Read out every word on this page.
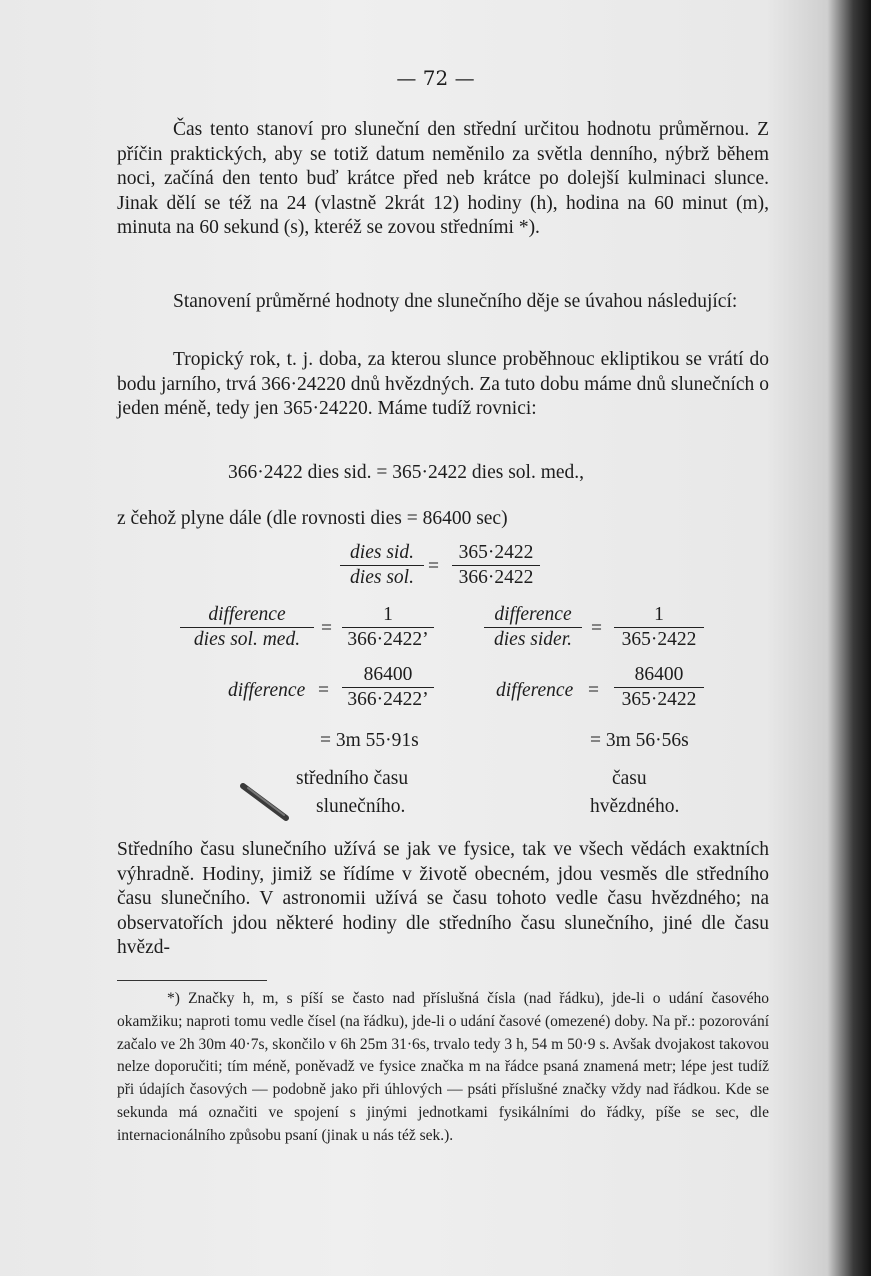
— 72 —

Čas tento stanoví pro sluneční den střední určitou hodnotu průměrnou. Z příčin praktických, aby se totiž datum neměnilo za světla denního, nýbrž během noci, začíná den tento buď krátce před neb krátce po dolejší kulminaci slunce. Jinak dělí se též na 24 (vlastně 2krát 12) hodiny (h), hodina na 60 minut (m), minuta na 60 sekund (s), kteréž se zovou středními *).

Stanovení průměrné hodnoty dne slunečního děje se úvahou následující:

Tropický rok, t. j. doba, za kterou slunce proběhnouc ekliptikou se vrátí do bodu jarního, trvá 366·24220 dnů hvězdných. Za tuto dobu máme dnů slunečních o jeden méně, tedy jen 365·24220. Máme tudíž rovnici:

366·2422 dies sid. = 365·2422 dies sol. med.,
z čehož plyne dále (dle rovnosti dies = 86400 sec)
dies sid.
dies sol.
= $\frac{365\cdot 2422}{366\cdot 2422}$
difference
dies sol. med.
= $\frac{1}{366\cdot 2422’}$
difference = $\frac{86400}{366\cdot 2422’}$
= 3m 55·91s
středního času
slunečního.
difference
dies sider.
= $\frac{1}{365\cdot 2422}$
difference = $\frac{86400}{365\cdot 2422}$
= 3m 56·56s
času
hvězdného.

Středního času slunečního užívá se jak ve fysice, tak ve všech vědách exaktních výhradně. Hodiny, jimiž se řídíme v životě obecném, jdou vesměs dle středního času slunečního. V astronomii užívá se času tohoto vedle času hvězdného; na observatořích jdou některé hodiny dle středního času slunečního, jiné dle času hvězd-

*) Značky h, m, s píší se často nad příslušná čísla (nad řádku), jde-li o udání časového okamžiku; naproti tomu vedle čísel (na řádku), jde-li o udání časové (omezené) doby. Na př.: pozorování začalo ve 2h 30m 40·7s, skončilo v 6h 25m 31·6s, trvalo tedy 3 h, 54 m 50·9 s. Avšak dvojakost takovou nelze doporučiti; tím méně, poněvadž ve fysice značka m na řádce psaná znamená metr; lépe jest tudíž při údajích časových — podobně jako při úhlových — psáti příslušné značky vždy nad řádkou. Kde se sekunda má označiti ve spojení s jinými jednotkami fysikálními do řádky, píše se sec, dle internacionálního způsobu psaní (jinak u nás též sek.).
